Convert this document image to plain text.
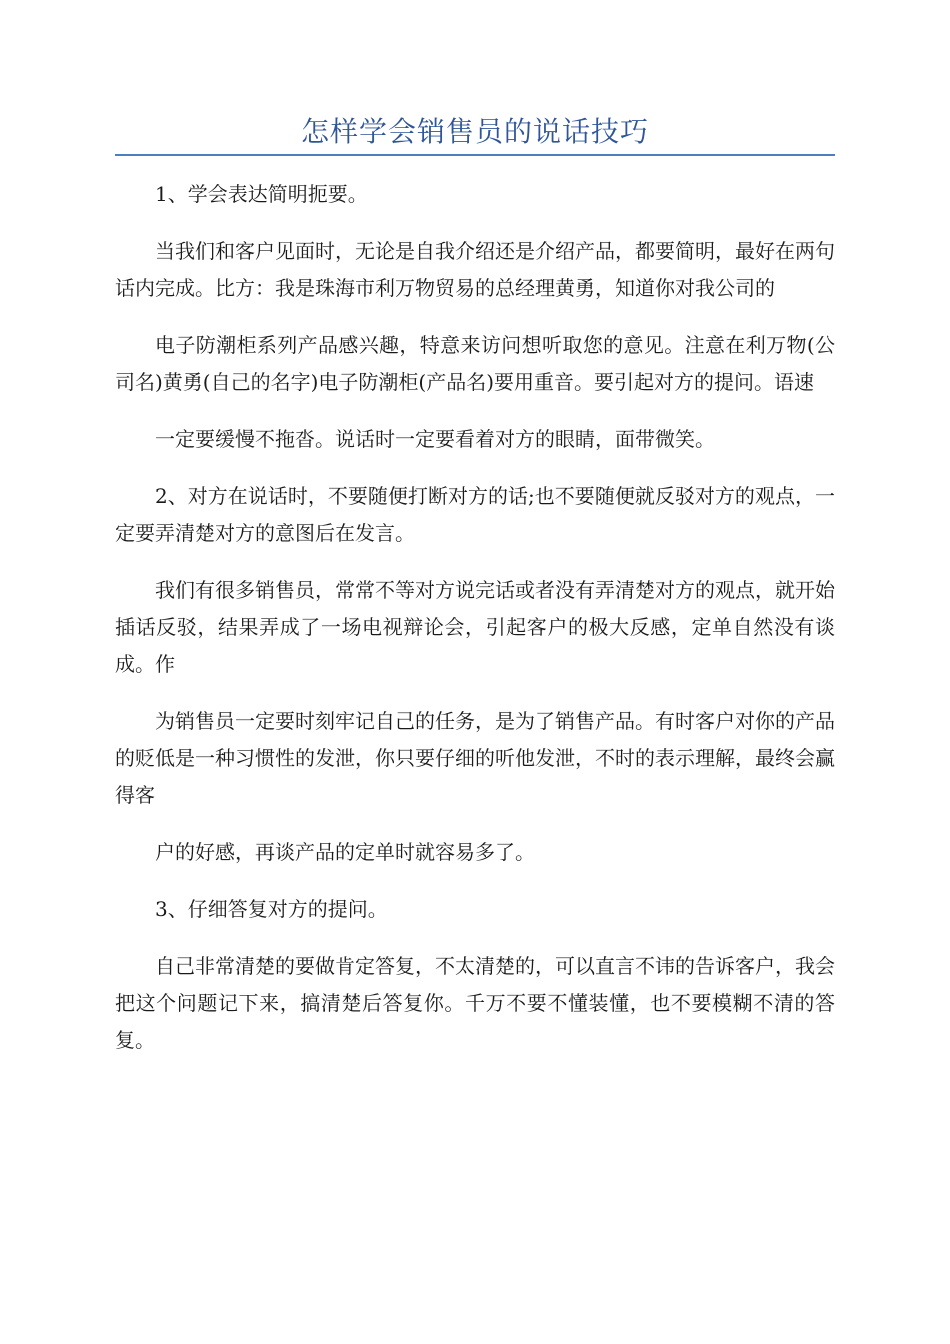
怎样学会销售员的说话技巧

1、学会表达简明扼要。

当我们和客户见面时，无论是自我介绍还是介绍产品，都要简明，最好在两句话内完成。比方：我是珠海市利万物贸易的总经理黄勇，知道你对我公司的

电子防潮柜系列产品感兴趣，特意来访问想听取您的意见。注意在利万物(公司名)黄勇(自己的名字)电子防潮柜(产品名)要用重音。要引起对方的提问。语速

一定要缓慢不拖沓。说话时一定要看着对方的眼睛，面带微笑。

2、对方在说话时，不要随便打断对方的话;也不要随便就反驳对方的观点，一定要弄清楚对方的意图后在发言。

我们有很多销售员，常常不等对方说完话或者没有弄清楚对方的观点，就开始插话反驳，结果弄成了一场电视辩论会，引起客户的极大反感，定单自然没有谈成。作

为销售员一定要时刻牢记自己的任务，是为了销售产品。有时客户对你的产品的贬低是一种习惯性的发泄，你只要仔细的听他发泄，不时的表示理解，最终会赢得客

户的好感，再谈产品的定单时就容易多了。

3、仔细答复对方的提问。

自己非常清楚的要做肯定答复，不太清楚的，可以直言不讳的告诉客户，我会把这个问题记下来，搞清楚后答复你。千万不要不懂装懂，也不要模糊不清的答复。
